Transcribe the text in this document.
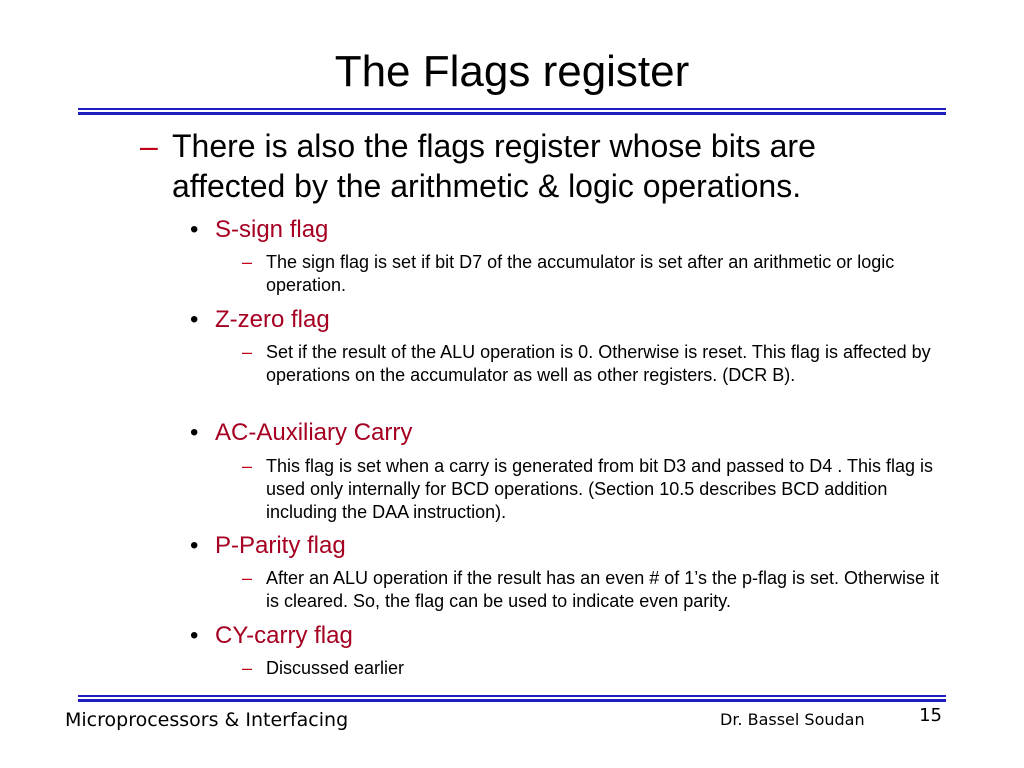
The Flags register
– There is also the flags register whose bits are affected by the arithmetic & logic operations.
• S-sign flag
– The sign flag is set if bit D7 of the accumulator is set after an arithmetic or logic operation.
• Z-zero flag
– Set if the result of the ALU operation is 0. Otherwise is reset. This flag is affected by operations on the accumulator as well as other registers. (DCR B).
• AC-Auxiliary Carry
– This flag is set when a carry is generated from bit D3 and passed to D4 . This flag is used only internally for BCD operations. (Section 10.5 describes BCD addition including the DAA instruction).
• P-Parity flag
– After an ALU operation if the result has an even # of 1’s the p-flag is set. Otherwise it is cleared. So, the flag can be used to indicate even parity.
• CY-carry flag
– Discussed earlier
Microprocessors & Interfacing	Dr. Bassel Soudan	15
